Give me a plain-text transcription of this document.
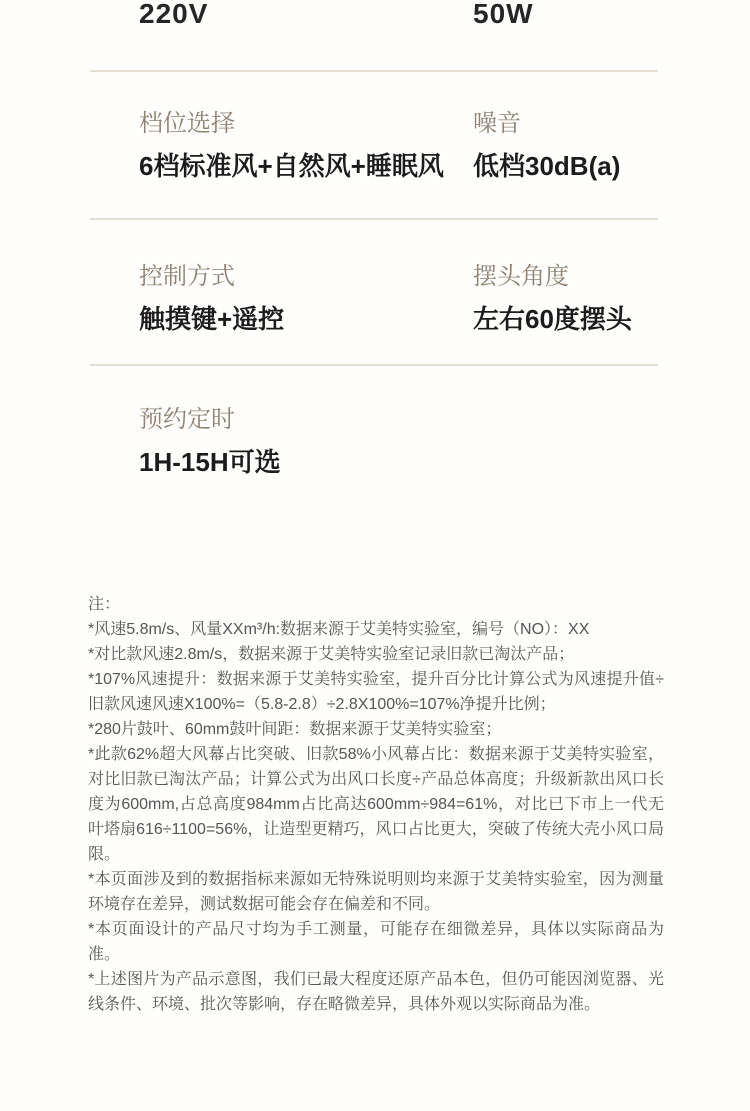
220V	50W
档位选择
6档标准风+自然风+睡眠风
噪音
低档30dB(a)
控制方式
触摸键+遥控
摆头角度
左右60度摆头
预约定时
1H-15H可选

注：

*风速5.8m/s、风量XXm³/h:数据来源于艾美特实验室，编号（NO）：XX

*对比款风速2.8m/s，数据来源于艾美特实验室记录旧款已淘汰产品；

*107%风速提升：数据来源于艾美特实验室，提升百分比计算公式为风速提升值÷旧款风速风速X100%=（5.8-2.8）÷2.8X100%=107%净提升比例；

*280片鼓叶、60mm鼓叶间距：数据来源于艾美特实验室；

*此款62%超大风幕占比突破、旧款58%小风幕占比：数据来源于艾美特实验室，对比旧款已淘汰产品；计算公式为出风口长度÷产品总体高度；升级新款出风口长度为600mm,占总高度984mm占比高达600mm÷984=61%，对比已下市上一代无叶塔扇616÷1100=56%，让造型更精巧，风口占比更大，突破了传统大壳小风口局限。

*本页面涉及到的数据指标来源如无特殊说明则均来源于艾美特实验室，因为测量环境存在差异，测试数据可能会存在偏差和不同。

*本页面设计的产品尺寸均为手工测量，可能存在细微差异，具体以实际商品为准。

*上述图片为产品示意图，我们已最大程度还原产品本色，但仍可能因浏览器、光线条件、环境、批次等影响，存在略微差异，具体外观以实际商品为准。
